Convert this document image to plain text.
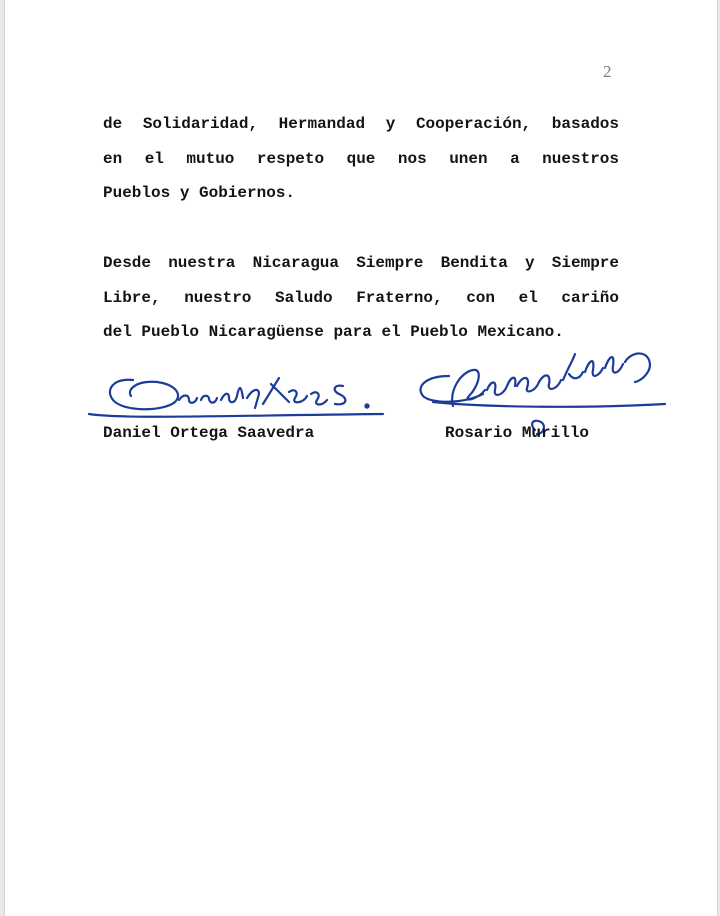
2
de Solidaridad, Hermandad y Cooperación, basados
en el mutuo respeto que nos unen a nuestros
Pueblos y Gobiernos.
Desde nuestra Nicaragua Siempre Bendita y Siempre
Libre, nuestro Saludo Fraterno, con el cariño
del Pueblo Nicaragüense para el Pueblo Mexicano.
Daniel Ortega Saavedra	Rosario Murillo
